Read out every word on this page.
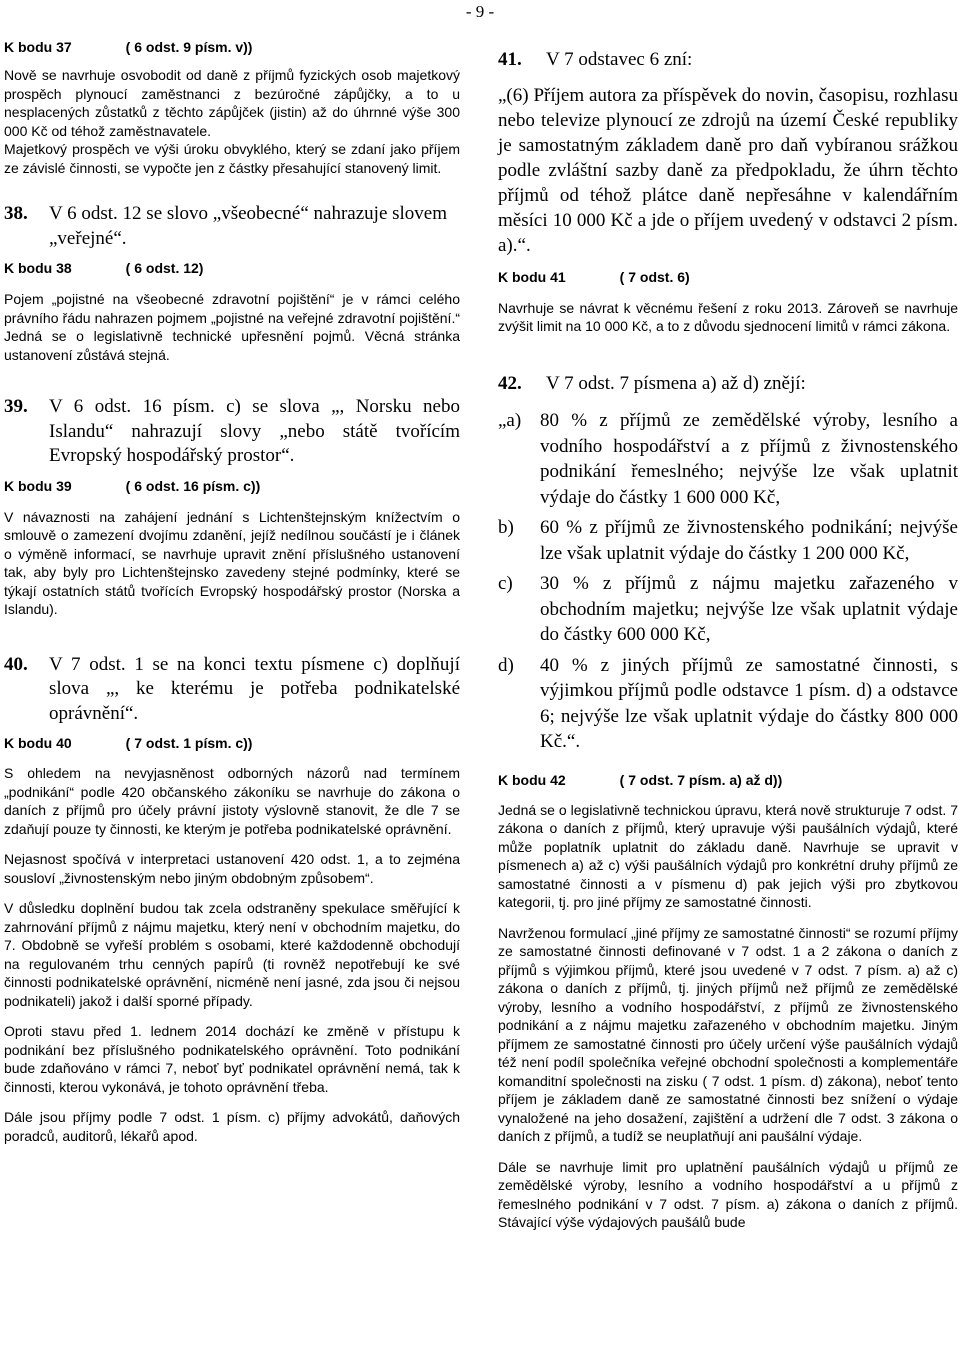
- 9 -
K bodu 37	( 6 odst. 9 písm. v))

Nově se navrhuje osvobodit od daně z příjmů fyzických osob majetkový prospěch plynoucí zaměstnanci z bezúročné zápůjčky, a to u nesplacených zůstatků z těchto zápůjček (jistin) až do úhrnné výše 300 000 Kč od téhož zaměstnavatele.

Majetkový prospěch ve výši úroku obvyklého, který se zdaní jako příjem ze závislé činnosti, se vypočte jen z částky přesahující stanovený limit.

38.	V 6 odst. 12 se slovo „všeobecné“ nahrazuje slovem „veřejné“.
K bodu 38	( 6 odst. 12)

Pojem „pojistné na všeobecné zdravotní pojištění“ je v rámci celého právního řádu nahrazen pojmem „pojistné na veřejné zdravotní pojištění.“ Jedná se o legislativně technické upřesnění pojmů. Věcná stránka ustanovení zůstává stejná.

39.	V 6 odst. 16 písm. c) se slova „, Norsku nebo Islandu“ nahrazují slovy „nebo státě tvořícím Evropský hospodářský prostor“.
K bodu 39	( 6 odst. 16 písm. c))

V návaznosti na zahájení jednání s Lichtenštejnským knížectvím o smlouvě o zamezení dvojímu zdanění, jejíž nedílnou součástí je i článek o výměně informací, se navrhuje upravit znění příslušného ustanovení tak, aby byly pro Lichtenštejnsko zavedeny stejné podmínky, které se týkají ostatních států tvořících Evropský hospodářský prostor (Norska a Islandu).

40.	V 7 odst. 1 se na konci textu písmene c) doplňují slova „, ke kterému je potřeba podnikatelské oprávnění“.
K bodu 40	( 7 odst. 1 písm. c))

S ohledem na nevyjasněnost odborných názorů nad termínem „podnikání“ podle 420 občanského zákoníku se navrhuje do zákona o daních z příjmů pro účely právní jistoty výslovně stanovit, že dle 7 se zdaňují pouze ty činnosti, ke kterým je potřeba podnikatelské oprávnění.

Nejasnost spočívá v interpretaci ustanovení 420 odst. 1, a to zejména sousloví „živnostenským nebo jiným obdobným způsobem“.

V důsledku doplnění budou tak zcela odstraněny spekulace směřující k zahrnování příjmů z nájmu majetku, který není v obchodním majetku, do 7. Obdobně se vyřeší problém s osobami, které každodenně obchodují na regulovaném trhu cenných papírů (ti rovněž nepotřebují ke své činnosti podnikatelské oprávnění, nicméně není jasné, zda jsou či nejsou podnikateli) jakož i další sporné případy.

Oproti stavu před 1. lednem 2014 dochází ke změně v přístupu k podnikání bez příslušného podnikatelského oprávnění. Toto podnikání bude zdaňováno v rámci 7, neboť byť podnikatel oprávnění nemá, tak k činnosti, kterou vykonává, je tohoto oprávnění třeba.

Dále jsou příjmy podle 7 odst. 1 písm. c) příjmy advokátů, daňových poradců, auditorů, lékařů apod.

41.	V 7 odstavec 6 zní:

„(6) Příjem autora za příspěvek do novin, časopisu, rozhlasu nebo televize plynoucí ze zdrojů na území České republiky je samostatným základem daně pro daň vybíranou srážkou podle zvláštní sazby daně za předpokladu, že úhrn těchto příjmů od téhož plátce daně nepřesáhne v kalendářním měsíci 10 000 Kč a jde o příjem uvedený v odstavci 2 písm. a).“.

K bodu 41	( 7 odst. 6)

Navrhuje se návrat k věcnému řešení z roku 2013. Zároveň se navrhuje zvýšit limit na 10 000 Kč, a to z důvodu sjednocení limitů v rámci zákona.

42.	V 7 odst. 7 písmena a) až d) znějí:
„a) 80 % z příjmů ze zemědělské výroby, lesního a vodního hospodářství a z příjmů z živnostenského podnikání řemeslného; nejvýše lze však uplatnit výdaje do částky 1 600 000 Kč,
b)	60 % z příjmů ze živnostenského podnikání; nejvýše lze však uplatnit výdaje do částky 1 200 000 Kč,
c)	30 % z příjmů z nájmu majetku zařazeného v obchodním majetku; nejvýše lze však uplatnit výdaje do částky 600 000 Kč,
d)	40 % z jiných příjmů ze samostatné činnosti, s výjimkou příjmů podle odstavce 1 písm. d) a odstavce 6; nejvýše lze však uplatnit výdaje do částky 800 000 Kč.“.
K bodu 42	( 7 odst. 7 písm. a) až d))

Jedná se o legislativně technickou úpravu, která nově strukturuje 7 odst. 7 zákona o daních z příjmů, který upravuje výši paušálních výdajů, které může poplatník uplatnit do základu daně. Navrhuje se upravit v písmenech a) až c) výši paušálních výdajů pro konkrétní druhy příjmů ze samostatné činnosti a v písmenu d) pak jejich výši pro zbytkovou kategorii, tj. pro jiné příjmy ze samostatné činnosti.

Navrženou formulací „jiné příjmy ze samostatné činnosti“ se rozumí příjmy ze samostatné činnosti definované v 7 odst. 1 a 2 zákona o daních z příjmů s výjimkou příjmů, které jsou uvedené v 7 odst. 7 písm. a) až c) zákona o daních z příjmů, tj. jiných příjmů než příjmů ze zemědělské výroby, lesního a vodního hospodářství, z příjmů ze živnostenského podnikání a z nájmu majetku zařazeného v obchodním majetku. Jiným příjmem ze samostatné činnosti pro účely určení výše paušálních výdajů též není podíl společníka veřejné obchodní společnosti a komplementáře komanditní společnosti na zisku ( 7 odst. 1 písm. d) zákona), neboť tento příjem je základem daně ze samostatné činnosti bez snížení o výdaje vynaložené na jeho dosažení, zajištění a udržení dle 7 odst. 3 zákona o daních z příjmů, a tudíž se neuplatňují ani paušální výdaje.

Dále se navrhuje limit pro uplatnění paušálních výdajů u příjmů ze zemědělské výroby, lesního a vodního hospodářství a u příjmů z řemeslného podnikání v 7 odst. 7 písm. a) zákona o daních z příjmů. Stávající výše výdajových paušálů bude
